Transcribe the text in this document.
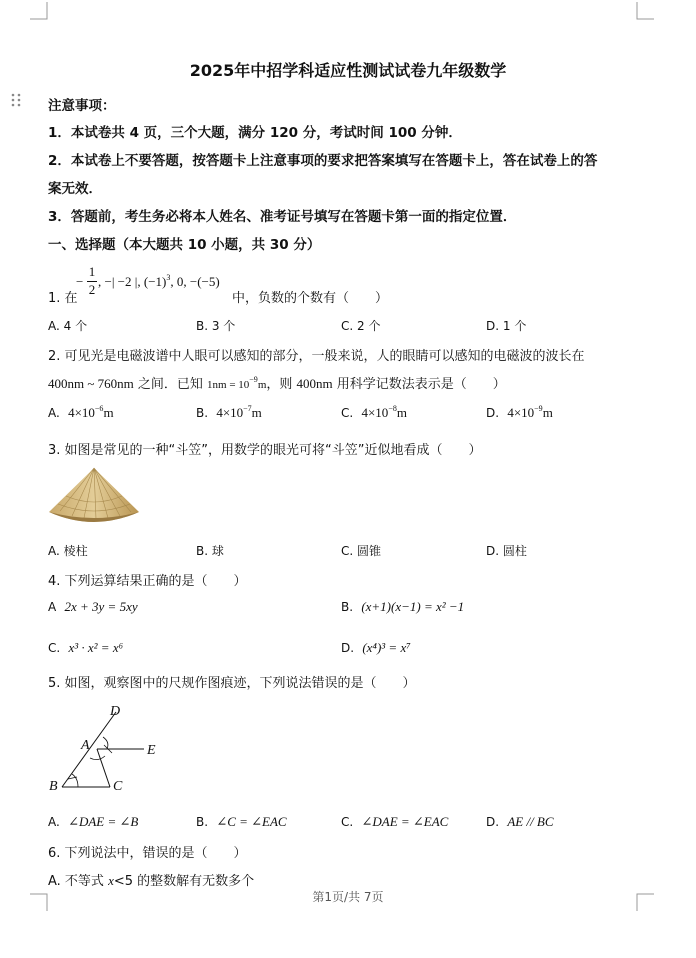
2025年中招学科适应性测试试卷九年级数学
注意事项：
1．本试卷共 4 页，三个大题，满分 120 分，考试时间 100 分钟．
2．本试卷上不要答题，按答题卡上注意事项的要求把答案填写在答题卡上，答在试卷上的答
案无效．
3．答题前，考生务必将本人姓名、准考证号填写在答题卡第一面的指定位置．
一、选择题（本大题共 10 小题，共 30 分）
1. 在
−
1
2
, −| −2 |, $(-1)^3$, 0, −(−5)
中，负数的个数有（　　）
A. 4 个	B. 3 个	C. 2 个	D. 1 个
2. 可见光是电磁波谱中人眼可以感知的部分，一般来说，人的眼睛可以感知的电磁波的波长在
400nm ~ 760nm 之间．已知 $1nm = 10^{-9}m$，则 400nm 用科学记数法表示是（　　）
A. $4\times 10^{-6}m$	B. $4\times 10^{-7}m$	C. $4\times 10^{-8}m$	D. $4\times 10^{-9}m$
3. 如图是常见的一种“斗笠”，用数学的眼光可将“斗笠”近似地看成（　　）
A. 棱柱	B. 球	C. 圆锥	D. 圆柱
4. 下列运算结果正确的是（　　）
A 2x + 3y = 5xy	B. (x+1)(x−1) = x² −1
C. x³ · x² = x⁶	D. (x⁴)³ = x⁷
5. 如图，观察图中的尺规作图痕迹，下列说法错误的是（　　）
D
A	E
B	C
A. ∠DAE = ∠B	B. ∠C = ∠EAC	C. ∠DAE = ∠EAC	D. AE // BC
6. 下列说法中，错误的是（　　）
A. 不等式 x<5 的整数解有无数多个
第1页/共 7页
